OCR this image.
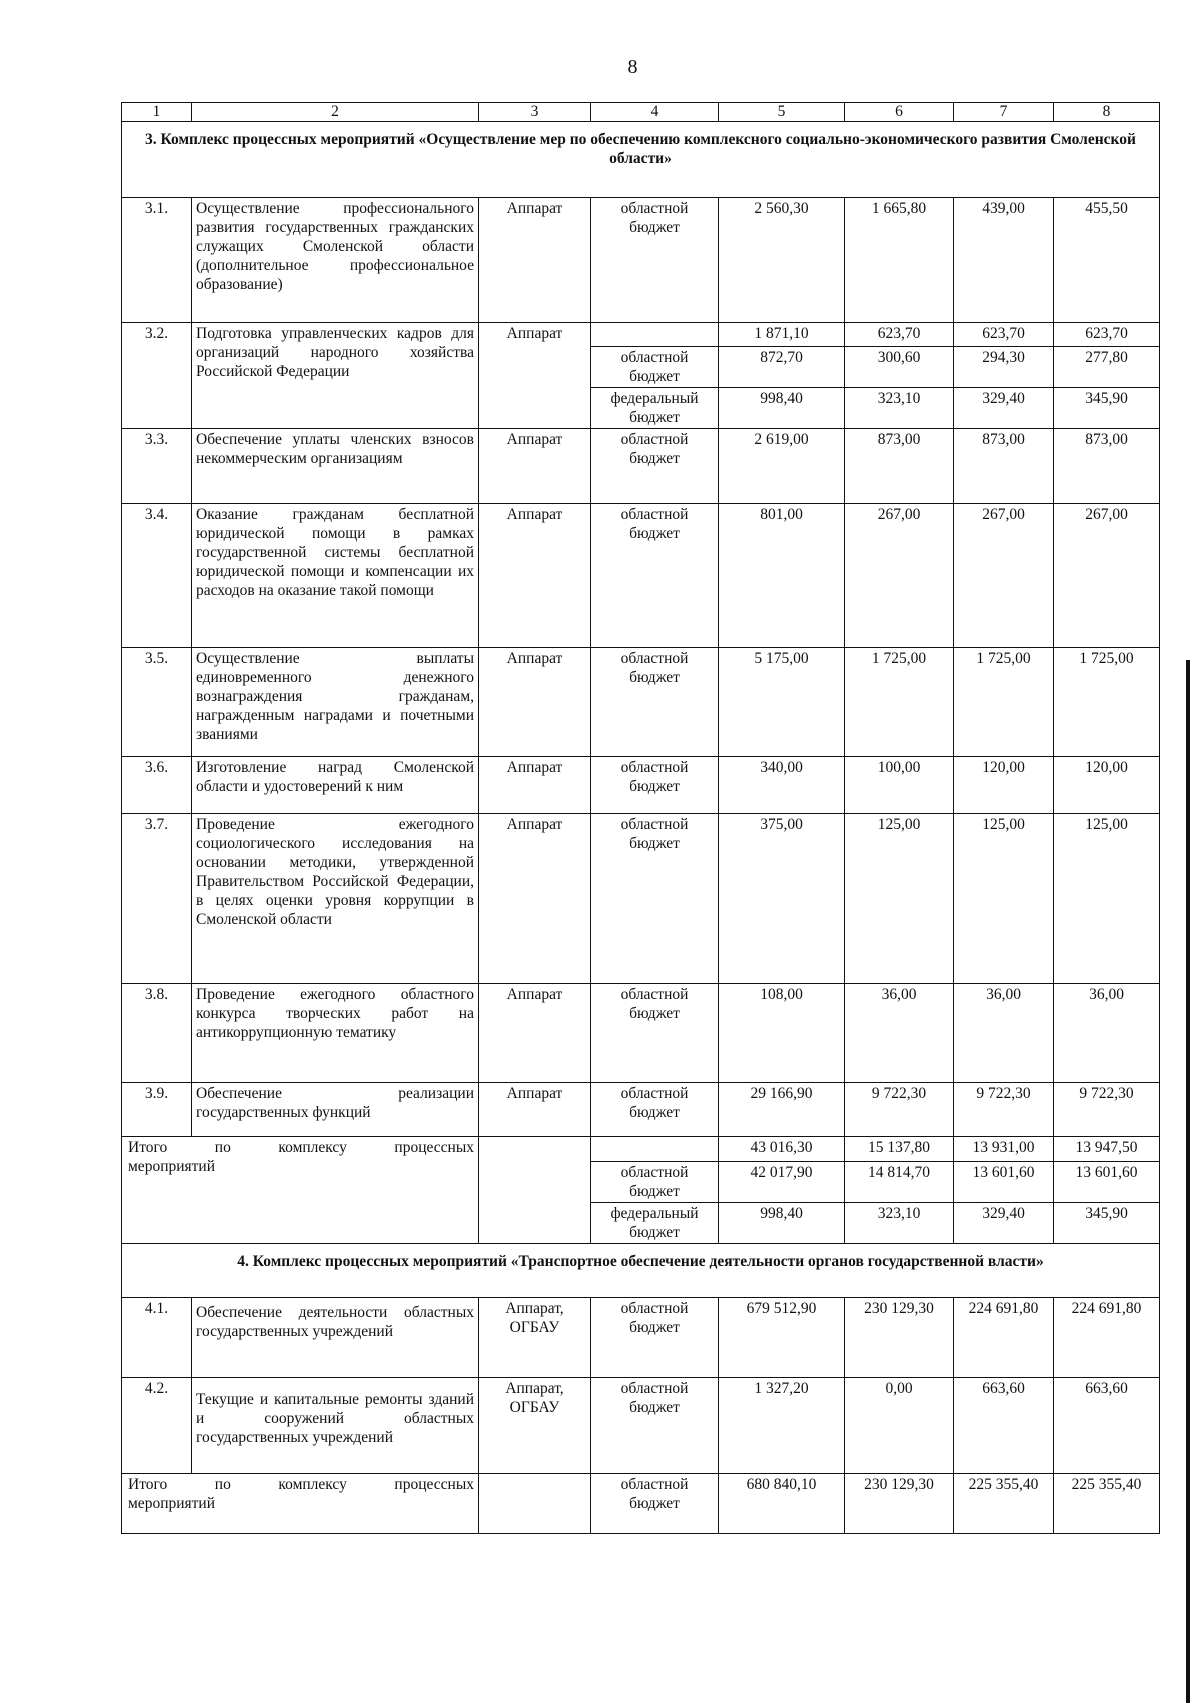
8
1	2	3	4	5	6	7	8
3. Комплекс процессных мероприятий «Осуществление мер по обеспечению комплексного социально-экономического развития Смоленской области»							
3.1.	Осуществление профессионального развития государственных гражданских служащих Смоленской области (дополнительное профессиональное образование)	Аппарат	областной бюджет	2 560,30	1 665,80	439,00	455,50
3.2.	Подготовка управленческих кадров для организаций народного хозяйства Российской Федерации	Аппарат		1 871,10	623,70	623,70	623,70
			областной бюджет	872,70	300,60	294,30	277,80
			федеральный бюджет	998,40	323,10	329,40	345,90
3.3.	Обеспечение уплаты членских взносов некоммерческим организациям	Аппарат	областной бюджет	2 619,00	873,00	873,00	873,00
3.4.	Оказание гражданам бесплатной юридической помощи в рамках государственной системы бесплатной юридической помощи и компенсации их расходов на оказание такой помощи	Аппарат	областной бюджет	801,00	267,00	267,00	267,00
3.5.	Осуществление выплаты единовременного денежного вознаграждения гражданам, награжденным наградами и почетными званиями	Аппарат	областной бюджет	5 175,00	1 725,00	1 725,00	1 725,00
3.6.	Изготовление наград Смоленской области и удостоверений к ним	Аппарат	областной бюджет	340,00	100,00	120,00	120,00
3.7.	Проведение ежегодного социологического исследования на основании методики, утвержденной Правительством Российской Федерации, в целях оценки уровня коррупции в Смоленской области	Аппарат	областной бюджет	375,00	125,00	125,00	125,00
3.8.	Проведение ежегодного областного конкурса творческих работ на антикоррупционную тематику	Аппарат	областной бюджет	108,00	36,00	36,00	36,00
3.9.	Обеспечение реализации государственных функций	Аппарат	областной бюджет	29 166,90	9 722,30	9 722,30	9 722,30

Итого по комплексу процессных
мероприятий				43 016,30	15 137,80	13 931,00	13 947,50
			областной бюджет	42 017,90	14 814,70	13 601,60	13 601,60
			федеральный бюджет	998,40	323,10	329,40	345,90
4. Комплекс процессных мероприятий «Транспортное обеспечение деятельности органов государственной власти»							
4.1.	Обеспечение деятельности областных государственных учреждений	Аппарат, ОГБАУ	областной бюджет	679 512,90	230 129,30	224 691,80	224 691,80
4.2.	Текущие и капитальные ремонты зданий и сооружений областных государственных учреждений	Аппарат, ОГБАУ	областной бюджет	1 327,20	0,00	663,60	663,60

Итого по комплексу процессных
мероприятий			областной бюджет	680 840,10	230 129,30	225 355,40	225 355,40
